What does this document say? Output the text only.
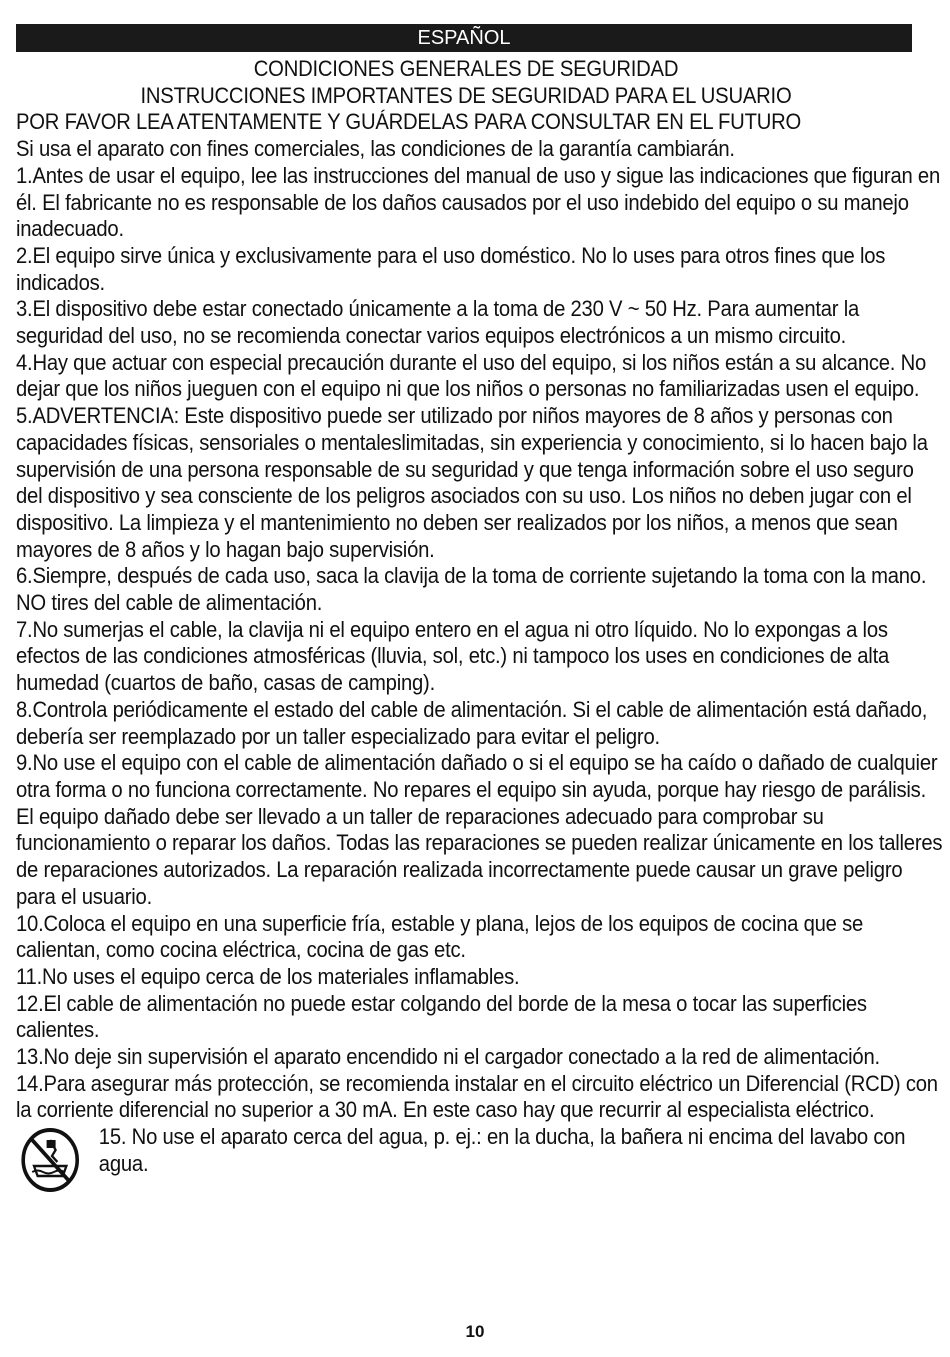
ESPAÑOL
CONDICIONES GENERALES DE SEGURIDAD
INSTRUCCIONES IMPORTANTES DE SEGURIDAD PARA EL USUARIO
POR FAVOR LEA ATENTAMENTE Y GUÁRDELAS PARA CONSULTAR EN EL FUTURO

Si usa el aparato con fines comerciales, las condiciones de la garantía cambiarán.

1.Antes de usar el equipo, lee las instrucciones del manual de uso y sigue las indicaciones que figuran en él. El fabricante no es responsable de los daños causados por el uso indebido del equipo o su manejo inadecuado.

2.El equipo sirve única y exclusivamente para el uso doméstico. No lo uses para otros fines que los indicados.

3.El dispositivo debe estar conectado únicamente a la toma de 230 V ~ 50 Hz. Para aumentar la seguridad del uso, no se recomienda conectar varios equipos electrónicos a un mismo circuito.

4.Hay que actuar con especial precaución durante el uso del equipo, si los niños están a su alcance. No dejar que los niños jueguen con el equipo ni que los niños o personas no familiarizadas usen el equipo.

5.ADVERTENCIA: Este dispositivo puede ser utilizado por niños mayores de 8 años y personas con capacidades físicas, sensoriales o mentaleslimitadas, sin experiencia y conocimiento, si lo hacen bajo la supervisión de una persona responsable de su seguridad y que tenga información sobre el uso seguro del dispositivo y sea consciente de los peligros asociados con su uso. Los niños no deben jugar con el dispositivo. La limpieza y el mantenimiento no deben ser realizados por los niños, a menos que sean mayores de 8 años y lo hagan bajo supervisión.

6.Siempre, después de cada uso, saca la clavija de la toma de corriente sujetando la toma con la mano. NO tires del cable de alimentación.

7.No sumerjas el cable, la clavija ni el equipo entero en el agua ni otro líquido. No lo expongas a los efectos de las condiciones atmosféricas (lluvia, sol, etc.) ni tampoco los uses en condiciones de alta humedad (cuartos de baño, casas de camping).

8.Controla periódicamente el estado del cable de alimentación. Si el cable de alimentación está dañado, debería ser reemplazado por un taller especializado para evitar el peligro.

9.No use el equipo con el cable de alimentación dañado o si el equipo se ha caído o dañado de cualquier otra forma o no funciona correctamente. No repares el equipo sin ayuda, porque hay riesgo de parálisis. El equipo dañado debe ser llevado a un taller de reparaciones adecuado para comprobar su funcionamiento o reparar los daños. Todas las reparaciones se pueden realizar únicamente en los talleres de reparaciones autorizados. La reparación realizada incorrectamente puede causar un grave peligro para el usuario.

10.Coloca el equipo en una superficie fría, estable y plana, lejos de los equipos de cocina que se calientan, como cocina eléctrica, cocina de gas etc.

11.No uses el equipo cerca de los materiales inflamables.

12.El cable de alimentación no puede estar colgando del borde de la mesa o tocar las superficies calientes.

13.No deje sin supervisión el aparato encendido ni el cargador conectado a la red de alimentación.

14.Para asegurar más protección, se recomienda instalar en el circuito eléctrico un Diferencial (RCD) con la corriente diferencial no superior a 30 mA. En este caso hay que recurrir al especialista eléctrico.

15. No use el aparato cerca del agua, p. ej.: en la ducha, la bañera ni encima del lavabo con agua.

10
